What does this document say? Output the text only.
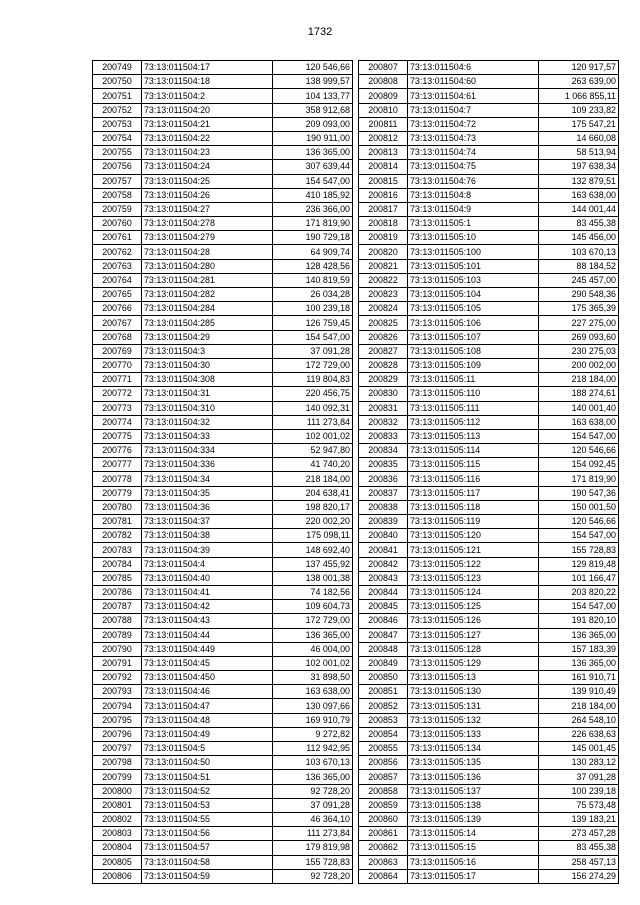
1732
200749	73:13:011504:17	120 546,66
200750	73:13:011504:18	138 999,57
200751	73:13:011504:2	104 133,77
200752	73:13:011504:20	358 912,68
200753	73:13:011504:21	209 093,00
200754	73:13:011504:22	190 911,00
200755	73:13:011504:23	136 365,00
200756	73:13:011504:24	307 639,44
200757	73:13:011504:25	154 547,00
200758	73:13:011504:26	410 185,92
200759	73:13:011504:27	236 366,00
200760	73:13:011504:278	171 819,90
200761	73:13:011504:279	190 729,18
200762	73:13:011504:28	64 909,74
200763	73:13:011504:280	128 428,56
200764	73:13:011504:281	140 819,59
200765	73:13:011504:282	26 034,28
200766	73:13:011504:284	100 239,18
200767	73:13:011504:285	126 759,45
200768	73:13:011504:29	154 547,00
200769	73:13:011504:3	37 091,28
200770	73:13:011504:30	172 729,00
200771	73:13:011504:308	119 804,83
200772	73:13:011504:31	220 456,75
200773	73:13:011504:310	140 092,31
200774	73:13:011504:32	111 273,84
200775	73:13:011504:33	102 001,02
200776	73:13:011504:334	52 947,80
200777	73:13:011504:336	41 740,20
200778	73:13:011504:34	218 184,00
200779	73:13:011504:35	204 638,41
200780	73:13:011504:36	198 820,17
200781	73:13:011504:37	220 002,20
200782	73:13:011504:38	175 098,11
200783	73:13:011504:39	148 692,40
200784	73:13:011504:4	137 455,92
200785	73:13:011504:40	138 001,38
200786	73:13:011504:41	74 182,56
200787	73:13:011504:42	109 604,73
200788	73:13:011504:43	172 729,00
200789	73:13:011504:44	136 365,00
200790	73:13:011504:449	46 004,00
200791	73:13:011504:45	102 001,02
200792	73:13:011504:450	31 898,50
200793	73:13:011504:46	163 638,00
200794	73:13:011504:47	130 097,66
200795	73:13:011504:48	169 910,79
200796	73:13:011504:49	9 272,82
200797	73:13:011504:5	112 942,95
200798	73:13:011504:50	103 670,13
200799	73:13:011504:51	136 365,00
200800	73:13:011504:52	92 728,20
200801	73:13:011504:53	37 091,28
200802	73:13:011504:55	46 364,10
200803	73:13:011504:56	111 273,84
200804	73:13:011504:57	179 819,98
200805	73:13:011504:58	155 728,83
200806	73:13:011504:59	92 728,20
200807	73:13:011504:6	120 917,57
200808	73:13:011504:60	263 639,00
200809	73:13:011504:61	1 066 855,11
200810	73:13:011504:7	109 233,82
200811	73:13:011504:72	175 547,21
200812	73:13:011504:73	14 660,08
200813	73:13:011504:74	58 513,94
200814	73:13:011504:75	197 638,34
200815	73:13:011504:76	132 879,51
200816	73:13:011504:8	163 638,00
200817	73:13:011504:9	144 001,44
200818	73:13:011505:1	83 455,38
200819	73:13:011505:10	145 456,00
200820	73:13:011505:100	103 670,13
200821	73:13:011505:101	88 184,52
200822	73:13:011505:103	245 457,00
200823	73:13:011505:104	290 548,36
200824	73:13:011505:105	175 365,39
200825	73:13:011505:106	227 275,00
200826	73:13:011505:107	269 093,60
200827	73:13:011505:108	230 275,03
200828	73:13:011505:109	200 002,00
200829	73:13:011505:11	218 184,00
200830	73:13:011505:110	188 274,61
200831	73:13:011505:111	140 001,40
200832	73:13:011505:112	163 638,00
200833	73:13:011505:113	154 547,00
200834	73:13:011505:114	120 546,66
200835	73:13:011505:115	154 092,45
200836	73:13:011505:116	171 819,90
200837	73:13:011505:117	190 547,36
200838	73:13:011505:118	150 001,50
200839	73:13:011505:119	120 546,66
200840	73:13:011505:120	154 547,00
200841	73:13:011505:121	155 728,83
200842	73:13:011505:122	129 819,48
200843	73:13:011505:123	101 166,47
200844	73:13:011505:124	203 820,22
200845	73:13:011505:125	154 547,00
200846	73:13:011505:126	191 820,10
200847	73:13:011505:127	136 365,00
200848	73:13:011505:128	157 183,39
200849	73:13:011505:129	136 365,00
200850	73:13:011505:13	161 910,71
200851	73:13:011505:130	139 910,49
200852	73:13:011505:131	218 184,00
200853	73:13:011505:132	264 548,10
200854	73:13:011505:133	226 638,63
200855	73:13:011505:134	145 001,45
200856	73:13:011505:135	130 283,12
200857	73:13:011505:136	37 091,28
200858	73:13:011505:137	100 239,18
200859	73:13:011505:138	75 573,48
200860	73:13:011505:139	139 183,21
200861	73:13:011505:14	273 457,28
200862	73:13:011505:15	83 455,38
200863	73:13:011505:16	258 457,13
200864	73:13:011505:17	156 274,29
